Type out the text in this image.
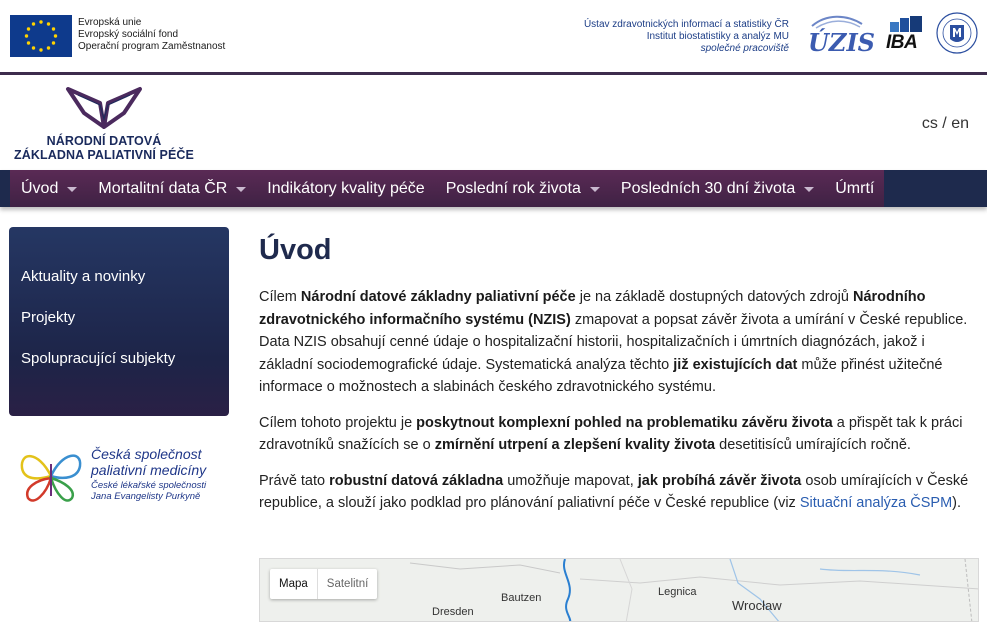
Evropská unie
Evropský sociální fond
Operační program Zaměstnanost
Ústav zdravotnických informací a statistiky ČR
Institut biostatistiky a analýz MU
společné pracoviště ÚZIS IBA
NÁRODNÍ DATOVÁ
ZÁKLADNA PALIATIVNÍ PÉČE
cs / en
Úvod	Mortalitní data ČR	Indikátory kvality péče Poslední rok života	Posledních 30 dní života	Úmrtí
Aktuality a novinky
Projekty
Spolupracující subjekty
Česká společnost
paliativní medicíny
České lékařské společnosti
Jana Evangelisty Purkyně
Úvod

Cílem Národní datové základny paliativní péče je na základě dostupných datových zdrojů Národního zdravotnického informačního systému (NZIS) zmapovat a popsat závěr života a umírání v České republice. Data NZIS obsahují cenné údaje o hospitalizační historii, hospitalizačních i úmrtních diagnózách, jakož i základní sociodemografické údaje. Systematická analýza těchto již existujících dat může přinést užitečné informace o možnostech a slabinách českého zdravotnického systému.

Cílem tohoto projektu je poskytnout komplexní pohled na problematiku závěru života a přispět tak k práci zdravotníků snažících se o zmírnění utrpení a zlepšení kvality života desetitisíců umírajících ročně.

Právě tato robustní datová základna umožňuje mapovat, jak probíhá závěr života osob umírajících v České republice, a slouží jako podklad pro plánování paliativní péče v České republice (viz Situační analýza ČSPM).

Mapa	Satelitní
Bautzen	Legnica
Wrocław
Dresden
